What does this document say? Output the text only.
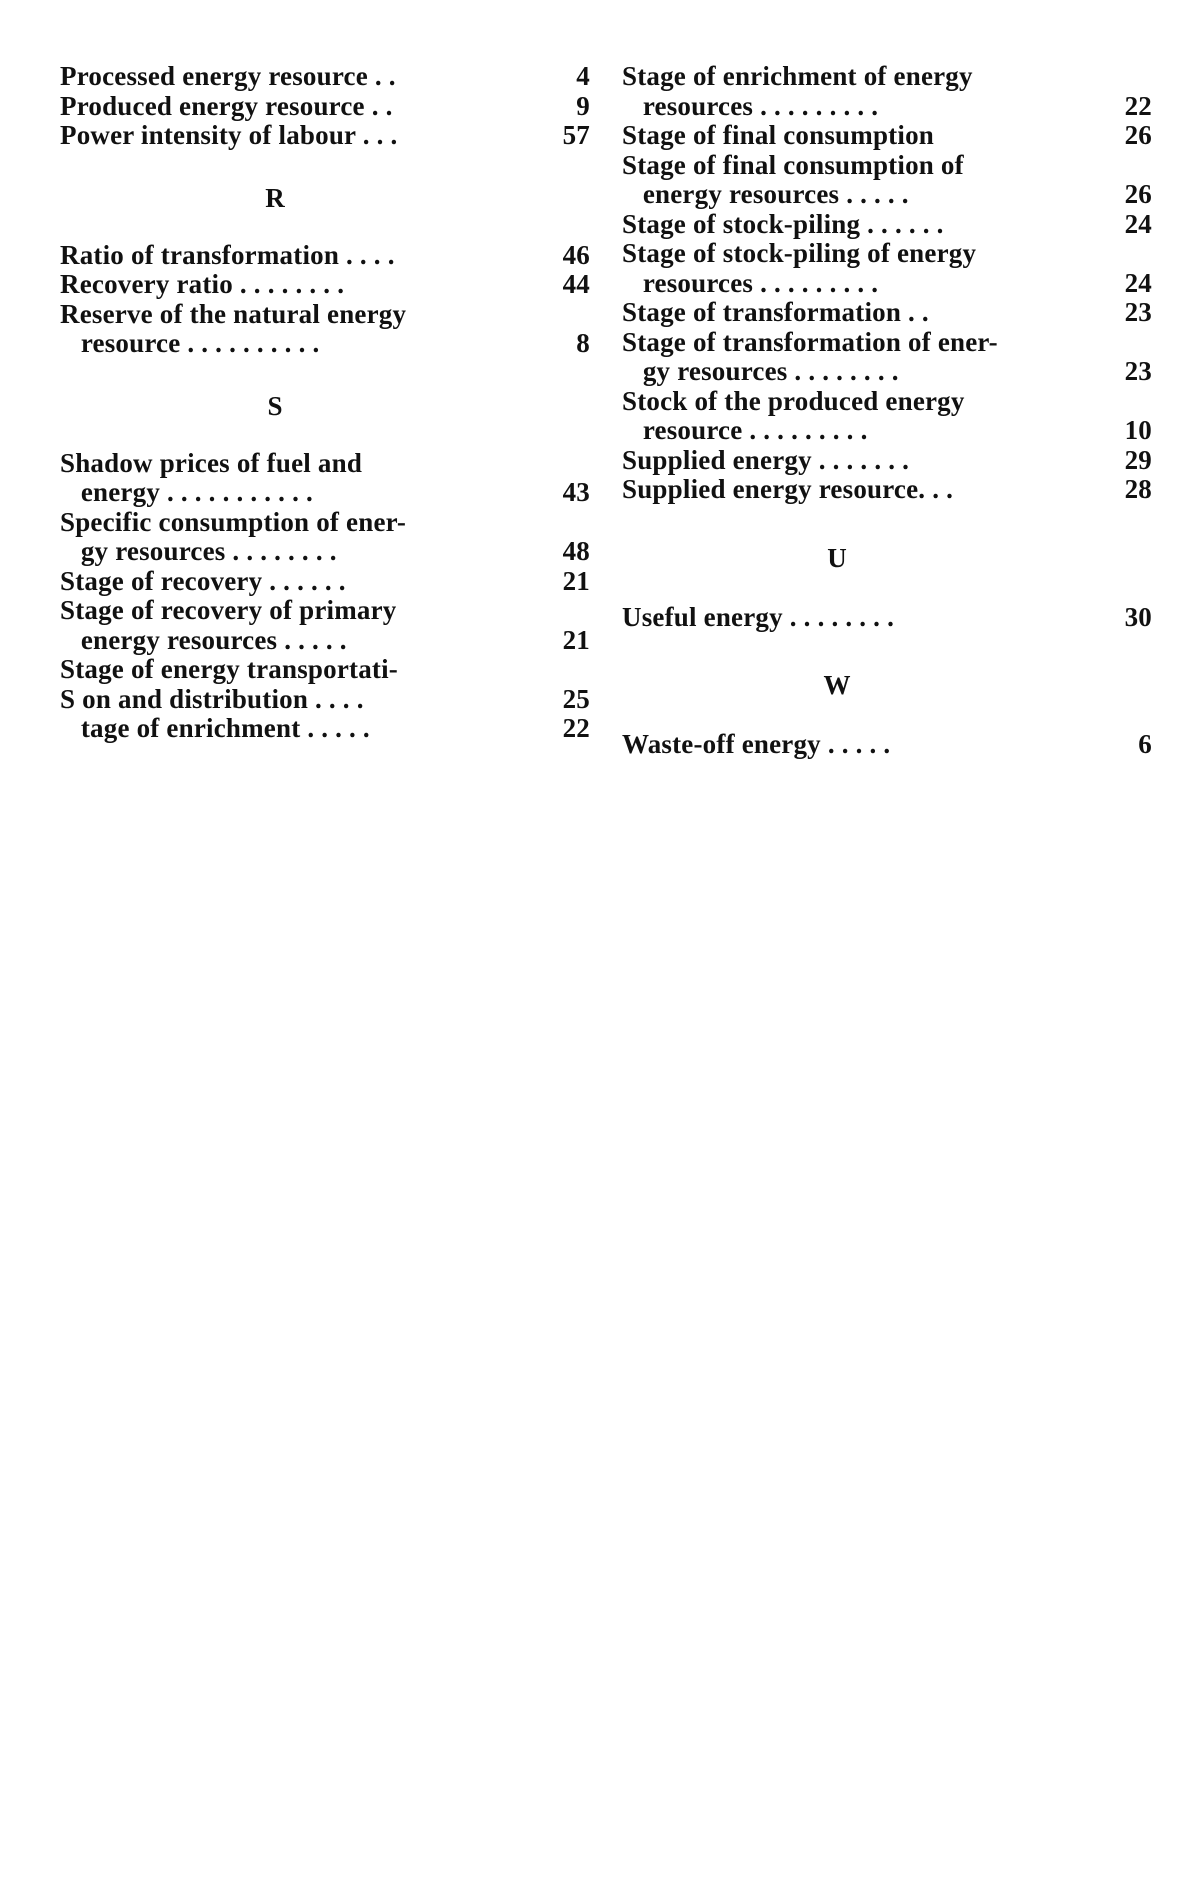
Processed energy resource . .	4
Produced energy resource . .	9
Power intensity of labour . . .	57
R
Ratio of transformation . . . .	46
Recovery ratio . . . . . . . .	44
Reserve of the natural energy
resource . . . . . . . . . .	8
S
Shadow prices of fuel and
energy . . . . . . . . . . .	43
Specific consumption of ener-
gy resources . . . . . . . .	48
Stage of recovery . . . . . .	21
Stage of recovery of primary
energy resources . . . . .	21
Stage of energy transportati-
S on and distribution . . . .	25
tage of enrichment . . . . .	22
Stage of enrichment of energy
resources . . . . . . . . .	22
Stage of final consumption	26
Stage of final consumption of
energy resources . . . . .	26
Stage of stock-piling . . . . . .	24
Stage of stock-piling of energy
resources . . . . . . . . .	24
Stage of transformation . .	23
Stage of transformation of ener-
gy resources . . . . . . . .	23
Stock of the produced energy
resource . . . . . . . . .	10
Supplied energy . . . . . . .	29
Supplied energy resource. . .	28
U
Useful energy . . . . . . . .	30
W
Waste-off energy . . . . .	6
